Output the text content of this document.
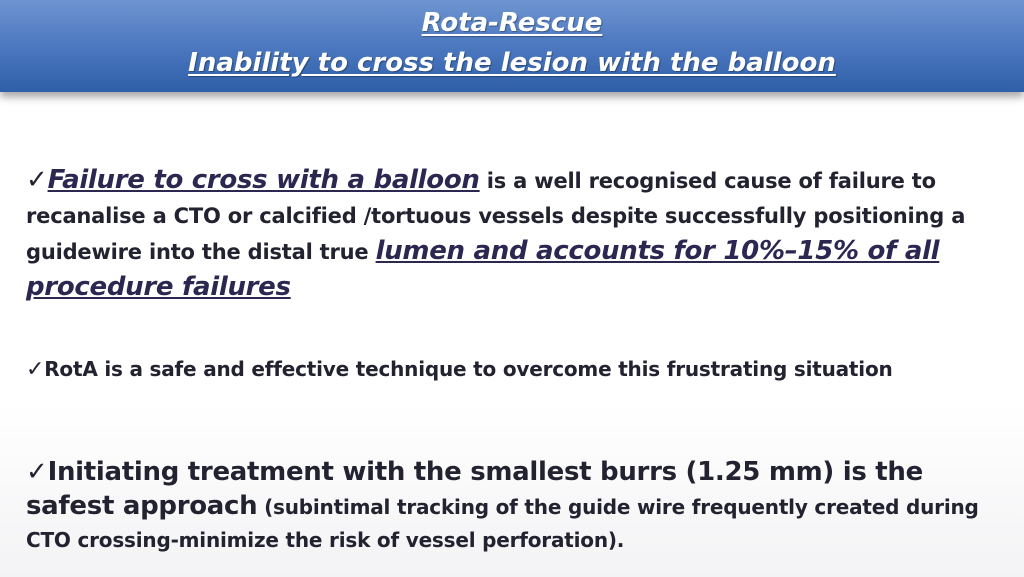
Rota-Rescue
Inability to cross the lesion with the balloon
✓Failure to cross with a balloon is a well recognised cause of failure to recanalise a CTO or calcified /tortuous vessels despite successfully positioning a guidewire into the distal true lumen and accounts for 10%–15% of all procedure failures
✓RotA is a safe and effective technique to overcome this frustrating situation
✓Initiating treatment with the smallest burrs (1.25 mm) is the safest approach (subintimal tracking of the guide wire frequently created during CTO crossing-minimize the risk of vessel perforation).
